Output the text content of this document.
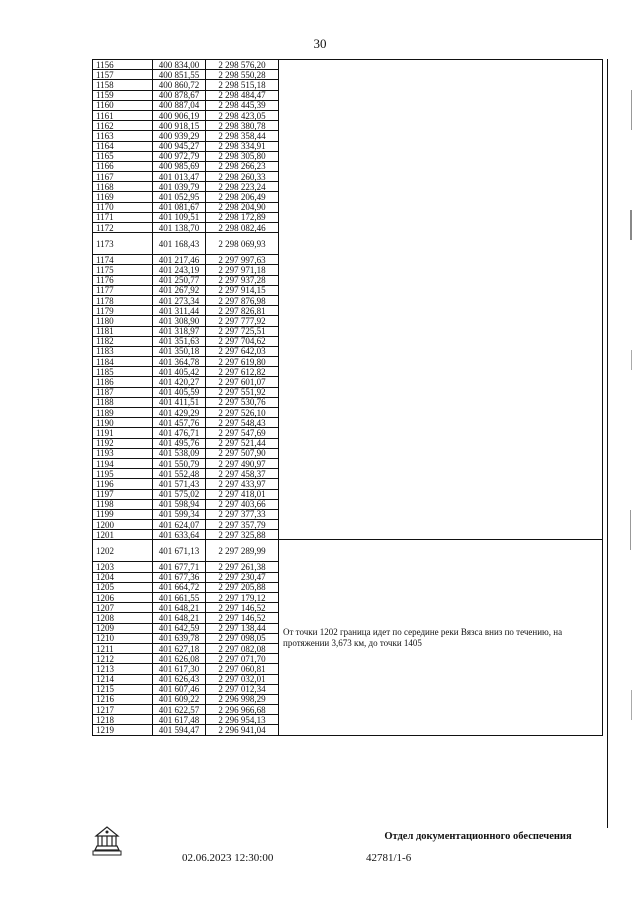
30
1156	400 834,00	2 298 576,20	
1157	400 851,55	2 298 550,28	
1158	400 860,72	2 298 515,18	
1159	400 878,67	2 298 484,47	
1160	400 887,04	2 298 445,39	
1161	400 906,19	2 298 423,05	
1162	400 918,15	2 298 380,78	
1163	400 939,29	2 298 358,44	
1164	400 945,27	2 298 334,91	
1165	400 972,79	2 298 305,80	
1166	400 985,69	2 298 266,23	
1167	401 013,47	2 298 260,33	
1168	401 039,79	2 298 223,24	
1169	401 052,95	2 298 206,49	
1170	401 081,67	2 298 204,90	
1171	401 109,51	2 298 172,89	
1172	401 138,70	2 298 082,46	
1173	401 168,43	2 298 069,93	
1174	401 217,46	2 297 997,63	
1175	401 243,19	2 297 971,18	
1176	401 250,77	2 297 937,28	
1177	401 267,92	2 297 914,15	
1178	401 273,34	2 297 876,98	
1179	401 311,44	2 297 826,81	
1180	401 308,90	2 297 777,92	
1181	401 318,97	2 297 725,51	
1182	401 351,63	2 297 704,62	
1183	401 350,18	2 297 642,03	
1184	401 364,78	2 297 619,80	
1185	401 405,42	2 297 612,82	
1186	401 420,27	2 297 601,07	
1187	401 405,59	2 297 551,92	
1188	401 411,51	2 297 530,76	
1189	401 429,29	2 297 526,10	
1190	401 457,76	2 297 548,43	
1191	401 476,71	2 297 547,69	
1192	401 495,76	2 297 521,44	
1193	401 538,09	2 297 507,90	
1194	401 550,79	2 297 490,97	
1195	401 552,48	2 297 458,37	
1196	401 571,43	2 297 433,97	
1197	401 575,02	2 297 418,01	
1198	401 598,94	2 297 403,66	
1199	401 599,34	2 297 377,33	
1200	401 624,07	2 297 357,79	
1201	401 633,64	2 297 325,88	
1202	401 671,13	2 297 289,99	От точки 1202 граница идет по середине реки Вязса вниз по течению, на протяжении 3,673 км, до точки 1405
1203	401 677,71	2 297 261,38	
1204	401 677,36	2 297 230,47	
1205	401 664,72	2 297 205,88	
1206	401 661,55	2 297 179,12	
1207	401 648,21	2 297 146,52	
1208	401 648,21	2 297 146,52	
1209	401 642,59	2 297 138,44	
1210	401 639,78	2 297 098,05	
1211	401 627,18	2 297 082,08	
1212	401 626,08	2 297 071,70	
1213	401 617,30	2 297 060,81	
1214	401 626,43	2 297 032,01	
1215	401 607,46	2 297 012,34	
1216	401 609,22	2 296 998,29	
1217	401 622,57	2 296 966,68	
1218	401 617,48	2 296 954,13	
1219	401 594,47	2 296 941,04	
Отдел документационного обеспечения
02.06.2023 12:30:00	42781/1-6
